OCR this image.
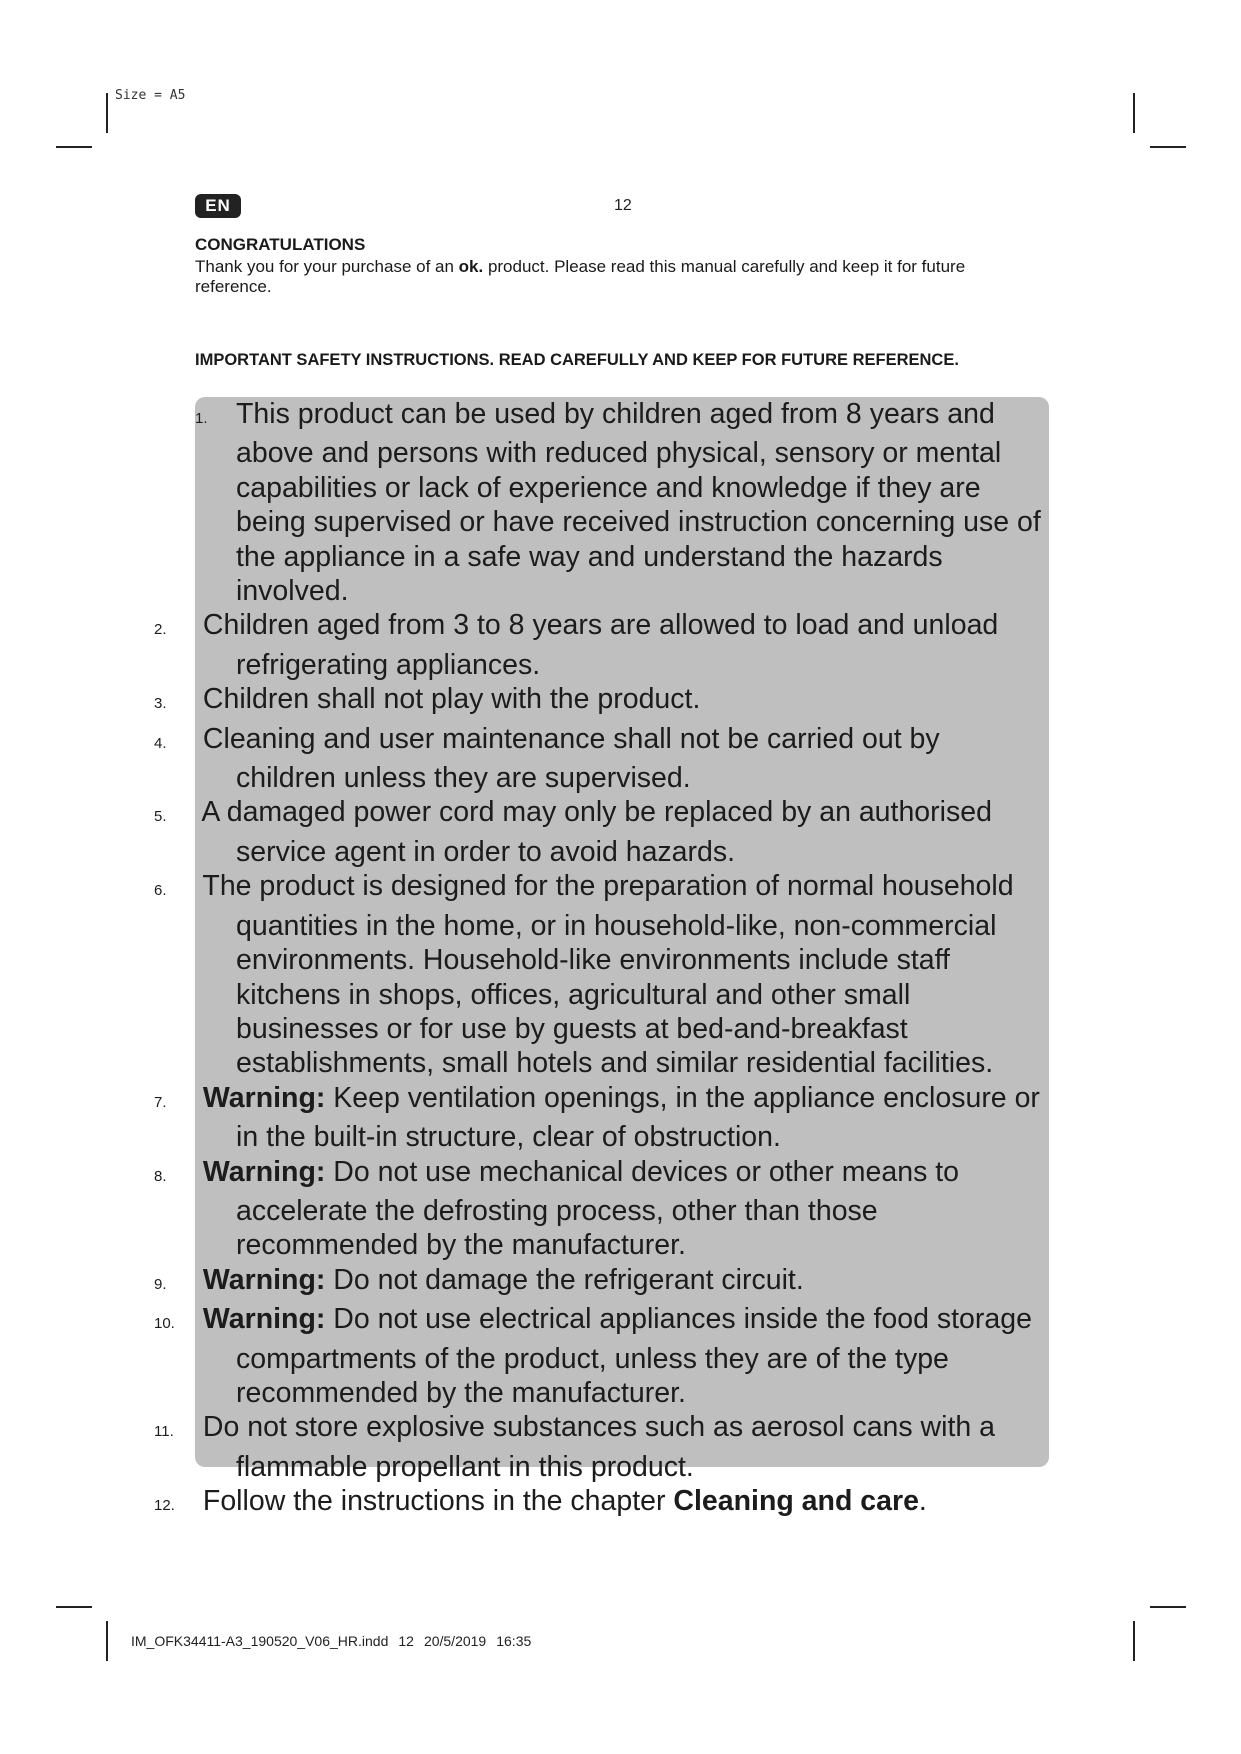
Size = A5
EN	12
CONGRATULATIONS
Thank you for your purchase of an ok. product. Please read this manual carefully and keep it for future reference.
IMPORTANT SAFETY INSTRUCTIONS. READ CAREFULLY AND KEEP FOR FUTURE REFERENCE.
1. This product can be used by children aged from 8 years and above and persons with reduced physical, sensory or mental capabilities or lack of experience and knowledge if they are being supervised or have received instruction concerning use of the appliance in a safe way and understand the hazards involved.
2. Children aged from 3 to 8 years are allowed to load and unload refrigerating appliances.
3. Children shall not play with the product.
4. Cleaning and user maintenance shall not be carried out by children unless they are supervised.
5. A damaged power cord may only be replaced by an authorised service agent in order to avoid hazards.
6. The product is designed for the preparation of normal household quantities in the home, or in household-like, non-commercial environments. Household-like environments include staff kitchens in shops, offices, agricultural and other small businesses or for use by guests at bed-and-breakfast establishments, small hotels and similar residential facilities.
7. Warning: Keep ventilation openings, in the appliance enclosure or in the built-in structure, clear of obstruction.
8. Warning: Do not use mechanical devices or other means to accelerate the defrosting process, other than those recommended by the manufacturer.
9. Warning: Do not damage the refrigerant circuit.
10. Warning: Do not use electrical appliances inside the food storage compartments of the product, unless they are of the type recommended by the manufacturer.
11. Do not store explosive substances such as aerosol cans with a flammable propellant in this product.
12. Follow the instructions in the chapter Cleaning and care.
IM_OFK34411-A3_190520_V06_HR.indd 12 20/5/2019 16:35
